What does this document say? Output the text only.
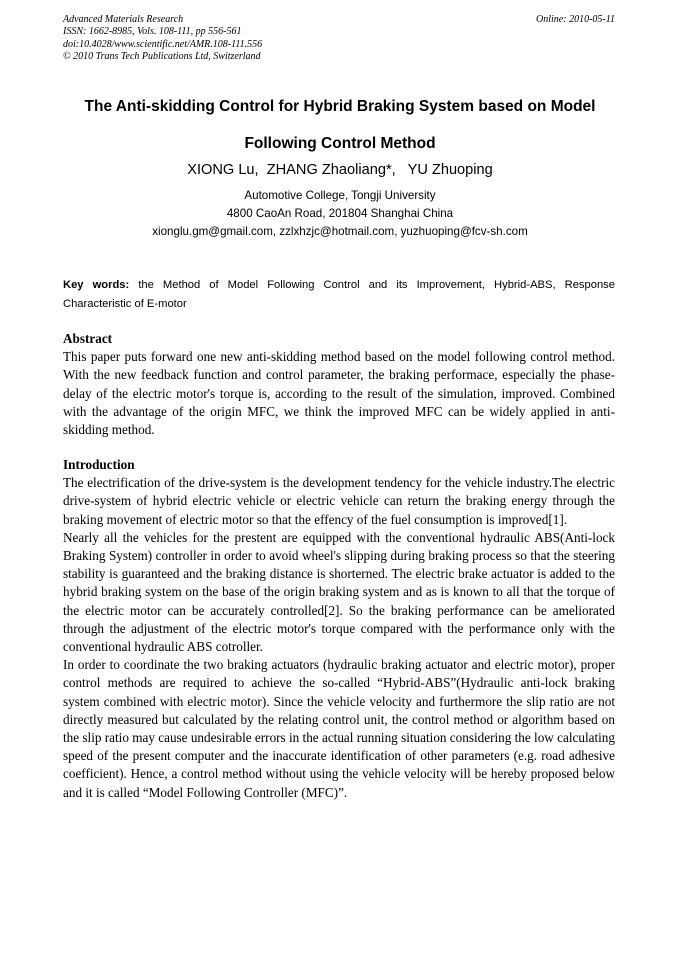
Advanced Materials Research
ISSN: 1662-8985, Vols. 108-111, pp 556-561
doi:10.4028/www.scientific.net/AMR.108-111.556
© 2010 Trans Tech Publications Ltd, Switzerland
Online: 2010-05-11
The Anti-skidding Control for Hybrid Braking System based on Model
Following Control Method
XIONG Lu,  ZHANG Zhaoliang*,   YU Zhuoping
Automotive College, Tongji University
4800 CaoAn Road, 201804 Shanghai China
xionglu.gm@gmail.com, zzlxhzjc@hotmail.com, yuzhuoping@fcv-sh.com
Key words: the Method of Model Following Control and its Improvement, Hybrid-ABS, Response Characteristic of E-motor
Abstract
This paper puts forward one new anti-skidding method based on the model following control method. With the new feedback function and control parameter, the braking performace, especially the phase-delay of the electric motor's torque is, according to the result of the simulation, improved. Combined with the advantage of the origin MFC, we think the improved MFC can be widely applied in anti-skidding method.
Introduction
The electrification of the drive-system is the development tendency for the vehicle industry.The electric drive-system of hybrid electric vehicle or electric vehicle can return the braking energy through the braking movement of electric motor so that the effency of the fuel consumption is improved[1].
Nearly all the vehicles for the prestent are equipped with the conventional hydraulic ABS(Anti-lock Braking System) controller in order to avoid wheel's slipping during braking process so that the steering stability is guaranteed and the braking distance is shorterned. The electric brake actuator is added to the hybrid braking system on the base of the origin braking system and as is known to all that the torque of the electric motor can be accurately controlled[2]. So the braking performance can be ameliorated through the adjustment of the electric motor's torque compared with the performance only with the conventional hydraulic ABS cotroller.
In order to coordinate the two braking actuators (hydraulic braking actuator and electric motor), proper control methods are required to achieve the so-called “Hybrid-ABS”(Hydraulic anti-lock braking system combined with electric motor). Since the vehicle velocity and furthermore the slip ratio are not directly measured but calculated by the relating control unit, the control method or algorithm based on the slip ratio may cause undesirable errors in the actual running situation considering the low calculating speed of the present computer and the inaccurate identification of other parameters (e.g. road adhesive coefficient). Hence, a control method without using the vehicle velocity will be hereby proposed below and it is called “Model Following Controller (MFC)”.
